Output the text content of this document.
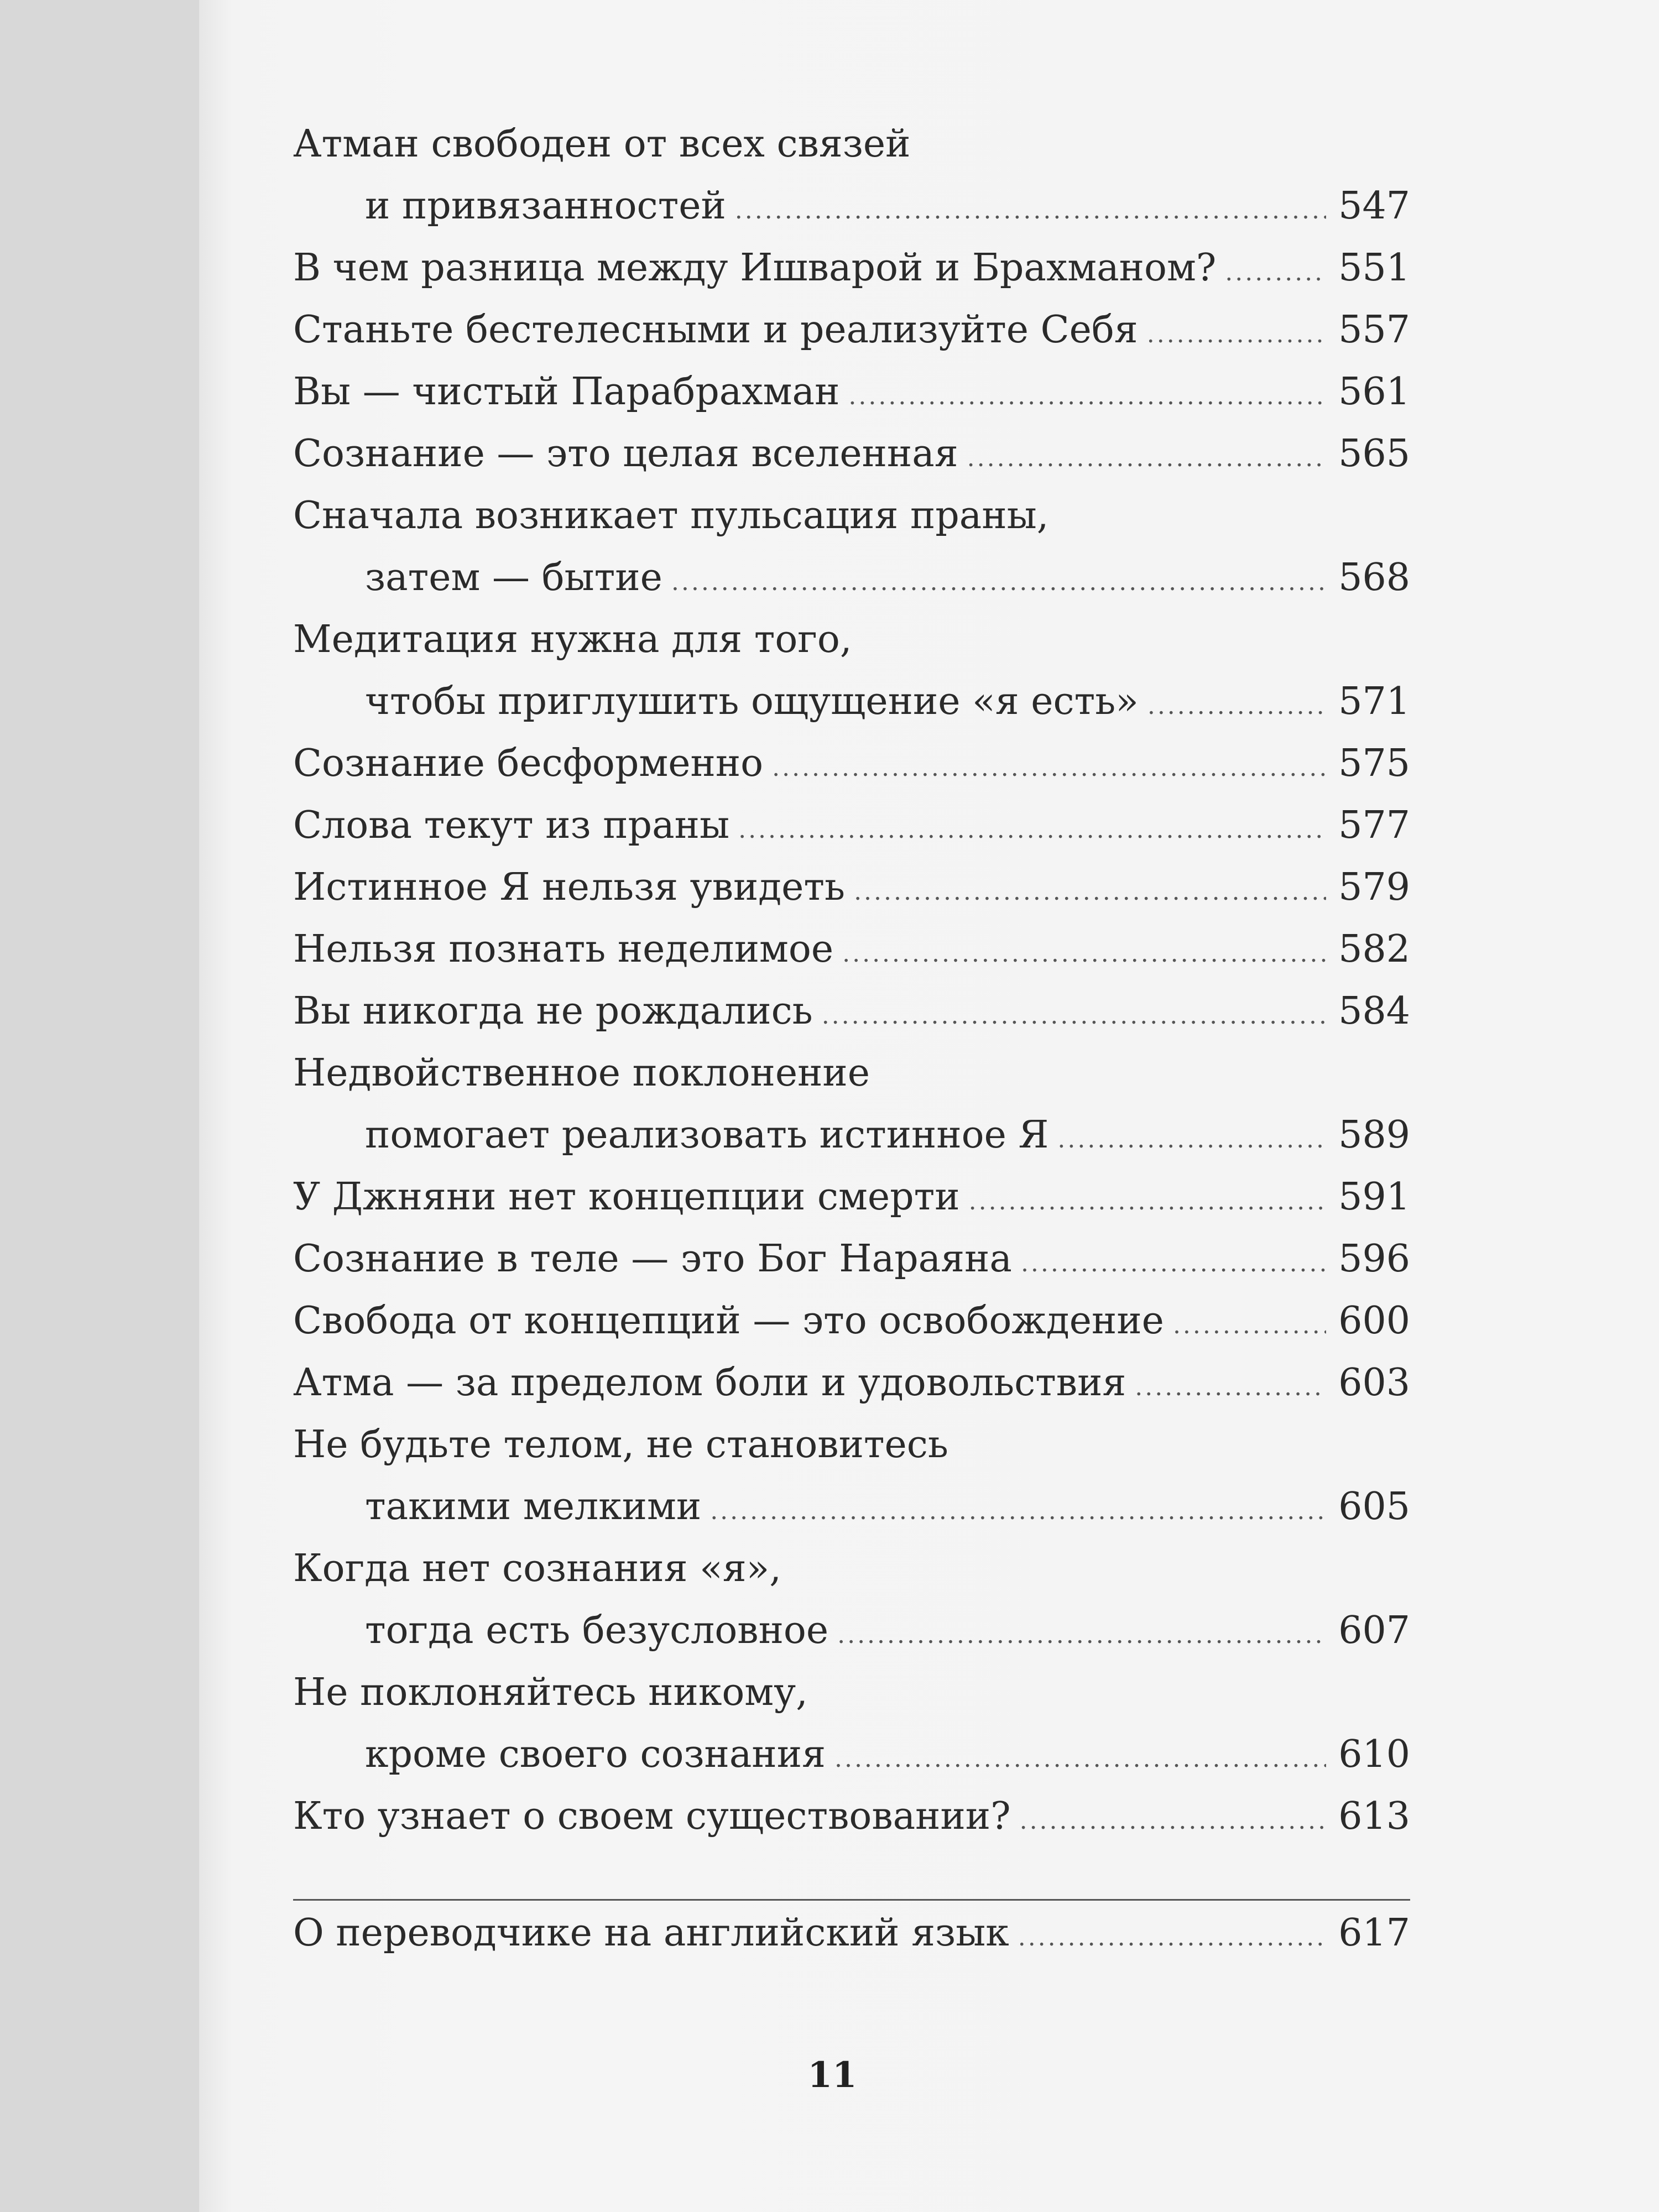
Атман свободен от всех связей
и привязанностей .....	547
В чем разница между Ишварой и Брахманом? .....	551
Станьте бестелесными и реализуйте Себя .....	557
Вы — чистый Парабрахман .....	561
Сознание — это целая вселенная .....	565
Сначала возникает пульсация праны,
затем — бытие .....	568
Медитация нужна для того,
чтобы приглушить ощущение «я есть» .....	571
Сознание бесформенно .....	575
Слова текут из праны .....	577
Истинное Я нельзя увидеть .....	579
Нельзя познать неделимое .....	582
Вы никогда не рождались .....	584
Недвойственное поклонение
помогает реализовать истинное Я .....	589
У Джняни нет концепции смерти .....	591
Сознание в теле — это Бог Нараяна .....	596
Свобода от концепций — это освобождение .....	600
Атма — за пределом боли и удовольствия .....	603
Не будьте телом, не становитесь
такими мелкими .....	605
Когда нет сознания «я»,
тогда есть безусловное .....	607
Не поклоняйтесь никому,
кроме своего сознания .....	610
Кто узнает о своем существовании? .....	613
О переводчике на английский язык .....	617
11
